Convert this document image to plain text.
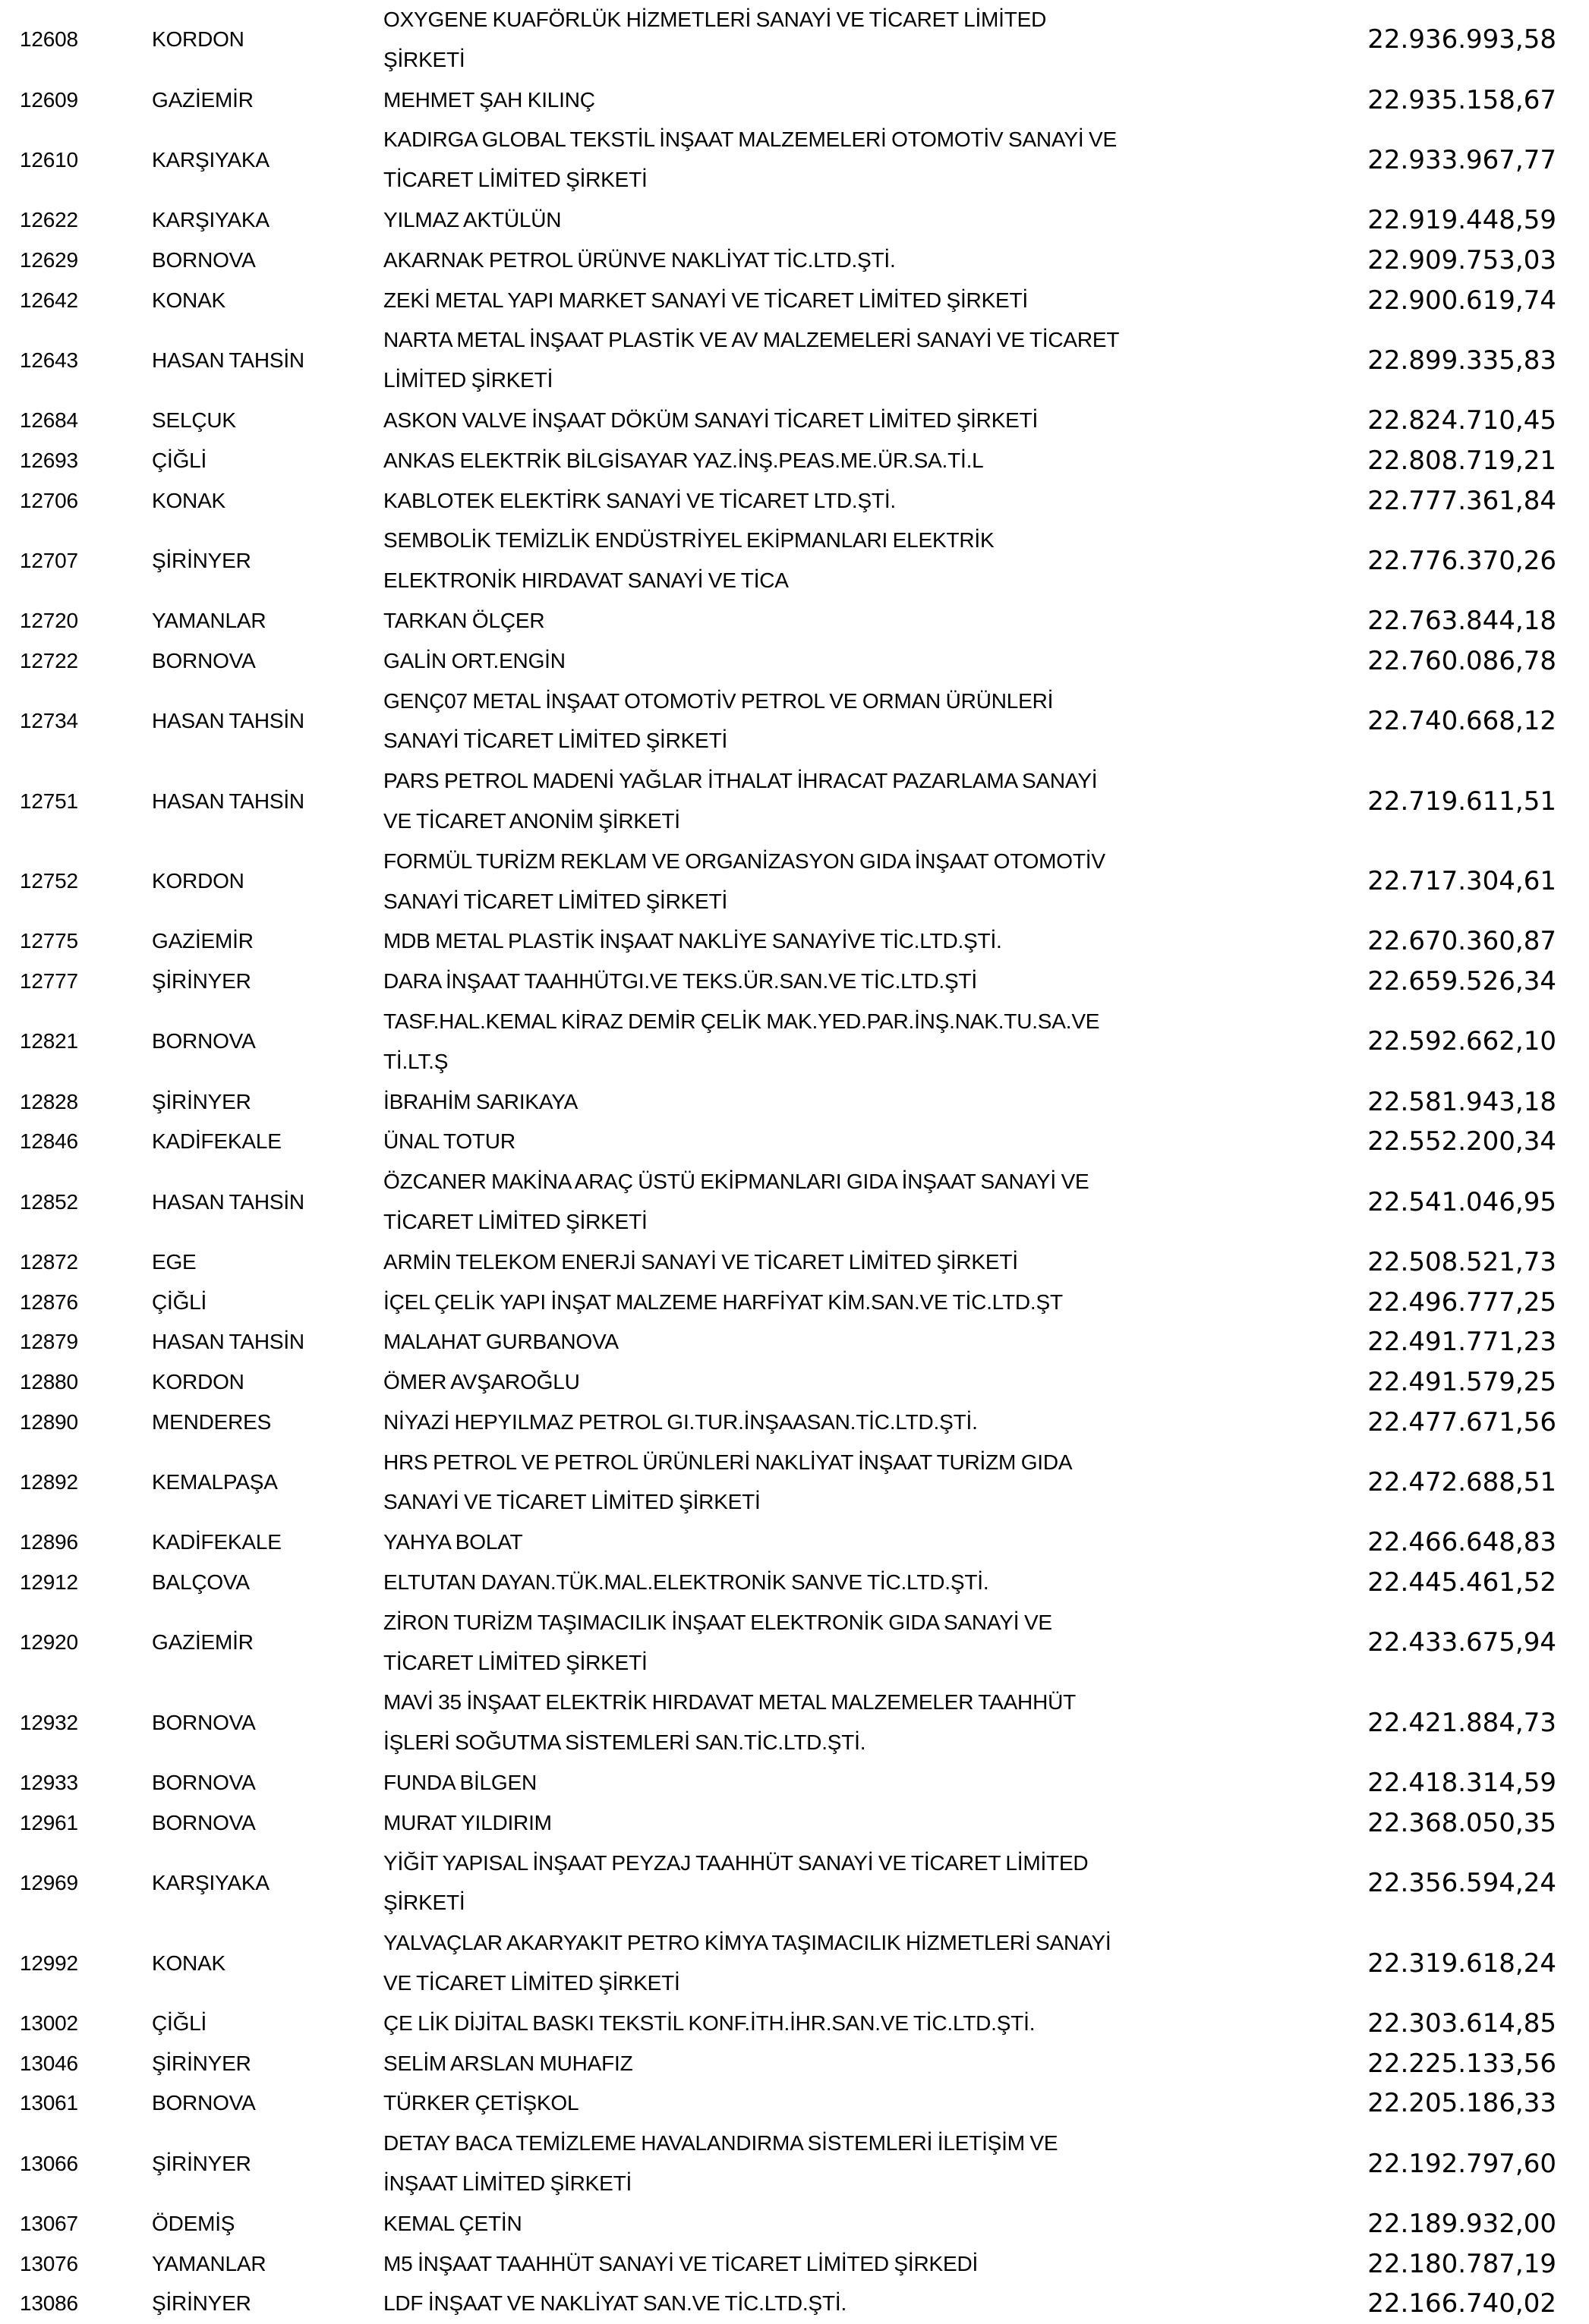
12608	KORDON	OXYGENE KUAFÖRLÜK HİZMETLERİ SANAYİ VE TİCARET LİMİTED ŞİRKETİ	22.936.993,58
12609	GAZİEMİR	MEHMET ŞAH KILINÇ	22.935.158,67
12610	KARŞIYAKA	KADIRGA GLOBAL TEKSTİL İNŞAAT MALZEMELERİ OTOMOTİV SANAYİ VE TİCARET LİMİTED ŞİRKETİ	22.933.967,77
12622	KARŞIYAKA	YILMAZ AKTÜLÜN	22.919.448,59
12629	BORNOVA	AKARNAK PETROL ÜRÜNVE NAKLİYAT TİC.LTD.ŞTİ.	22.909.753,03
12642	KONAK	ZEKİ METAL YAPI MARKET SANAYİ VE TİCARET LİMİTED ŞİRKETİ	22.900.619,74
12643	HASAN TAHSİN	NARTA METAL İNŞAAT PLASTİK VE AV MALZEMELERİ SANAYİ VE TİCARET LİMİTED ŞİRKETİ	22.899.335,83
12684	SELÇUK	ASKON VALVE İNŞAAT DÖKÜM SANAYİ TİCARET LİMİTED ŞİRKETİ	22.824.710,45
12693	ÇİĞLİ	ANKAS ELEKTRİK BİLGİSAYAR YAZ.İNŞ.PEAS.ME.ÜR.SA.Tİ.L	22.808.719,21
12706	KONAK	KABLOTEK ELEKTİRK SANAYİ VE TİCARET LTD.ŞTİ.	22.777.361,84
12707	ŞİRİNYER	SEMBOLİK TEMİZLİK ENDÜSTRİYEL EKİPMANLARI ELEKTRİK ELEKTRONİK HIRDAVAT SANAYİ VE TİCA	22.776.370,26
12720	YAMANLAR	TARKAN ÖLÇER	22.763.844,18
12722	BORNOVA	GALİN ORT.ENGİN	22.760.086,78
12734	HASAN TAHSİN	GENÇ07 METAL İNŞAAT OTOMOTİV PETROL VE ORMAN ÜRÜNLERİ SANAYİ TİCARET LİMİTED ŞİRKETİ	22.740.668,12
12751	HASAN TAHSİN	PARS PETROL MADENİ YAĞLAR İTHALAT İHRACAT PAZARLAMA SANAYİ VE TİCARET ANONİM ŞİRKETİ	22.719.611,51
12752	KORDON	FORMÜL TURİZM REKLAM VE ORGANİZASYON GIDA İNŞAAT OTOMOTİV SANAYİ TİCARET LİMİTED ŞİRKETİ	22.717.304,61
12775	GAZİEMİR	MDB METAL PLASTİK İNŞAAT NAKLİYE SANAYİVE TİC.LTD.ŞTİ.	22.670.360,87
12777	ŞİRİNYER	DARA İNŞAAT TAAHHÜTGI.VE TEKS.ÜR.SAN.VE TİC.LTD.ŞTİ	22.659.526,34
12821	BORNOVA	TASF.HAL.KEMAL KİRAZ DEMİR ÇELİK MAK.YED.PAR.İNŞ.NAK.TU.SA.VE Tİ.LT.Ş	22.592.662,10
12828	ŞİRİNYER	İBRAHİM SARIKAYA	22.581.943,18
12846	KADİFEKALE	ÜNAL TOTUR	22.552.200,34
12852	HASAN TAHSİN	ÖZCANER MAKİNA ARAÇ ÜSTÜ EKİPMANLARI GIDA İNŞAAT SANAYİ VE TİCARET LİMİTED ŞİRKETİ	22.541.046,95
12872	EGE	ARMİN TELEKOM ENERJİ SANAYİ VE TİCARET LİMİTED ŞİRKETİ	22.508.521,73
12876	ÇİĞLİ	İÇEL ÇELİK YAPI İNŞAT MALZEME HARFİYAT KİM.SAN.VE TİC.LTD.ŞT	22.496.777,25
12879	HASAN TAHSİN	MALAHAT GURBANOVA	22.491.771,23
12880	KORDON	ÖMER AVŞAROĞLU	22.491.579,25
12890	MENDERES	NİYAZİ HEPYILMAZ PETROL GI.TUR.İNŞAASAN.TİC.LTD.ŞTİ.	22.477.671,56
12892	KEMALPAŞA	HRS PETROL VE PETROL ÜRÜNLERİ NAKLİYAT İNŞAAT TURİZM GIDA SANAYİ VE TİCARET LİMİTED ŞİRKETİ	22.472.688,51
12896	KADİFEKALE	YAHYA BOLAT	22.466.648,83
12912	BALÇOVA	ELTUTAN DAYAN.TÜK.MAL.ELEKTRONİK SANVE TİC.LTD.ŞTİ.	22.445.461,52
12920	GAZİEMİR	ZİRON TURİZM TAŞIMACILIK İNŞAAT ELEKTRONİK GIDA SANAYİ VE TİCARET LİMİTED ŞİRKETİ	22.433.675,94
12932	BORNOVA	MAVİ 35 İNŞAAT ELEKTRİK HIRDAVAT METAL MALZEMELER TAAHHÜT İŞLERİ SOĞUTMA SİSTEMLERİ SAN.TİC.LTD.ŞTİ.	22.421.884,73
12933	BORNOVA	FUNDA BİLGEN	22.418.314,59
12961	BORNOVA	MURAT YILDIRIM	22.368.050,35
12969	KARŞIYAKA	YİĞİT YAPISAL İNŞAAT PEYZAJ TAAHHÜT SANAYİ VE TİCARET LİMİTED ŞİRKETİ	22.356.594,24
12992	KONAK	YALVAÇLAR AKARYAKIT PETRO KİMYA TAŞIMACILIK HİZMETLERİ SANAYİ VE TİCARET LİMİTED ŞİRKETİ	22.319.618,24
13002	ÇİĞLİ	ÇE LİK DİJİTAL BASKI TEKSTİL KONF.İTH.İHR.SAN.VE TİC.LTD.ŞTİ.	22.303.614,85
13046	ŞİRİNYER	SELİM ARSLAN MUHAFIZ	22.225.133,56
13061	BORNOVA	TÜRKER ÇETİŞKOL	22.205.186,33
13066	ŞİRİNYER	DETAY BACA TEMİZLEME HAVALANDIRMA SİSTEMLERİ İLETİŞİM VE İNŞAAT LİMİTED ŞİRKETİ	22.192.797,60
13067	ÖDEMİŞ	KEMAL ÇETİN	22.189.932,00
13076	YAMANLAR	M5 İNŞAAT TAAHHÜT SANAYİ VE TİCARET LİMİTED ŞİRKEDİ	22.180.787,19
13086	ŞİRİNYER	LDF İNŞAAT VE NAKLİYAT SAN.VE TİC.LTD.ŞTİ.	22.166.740,02
